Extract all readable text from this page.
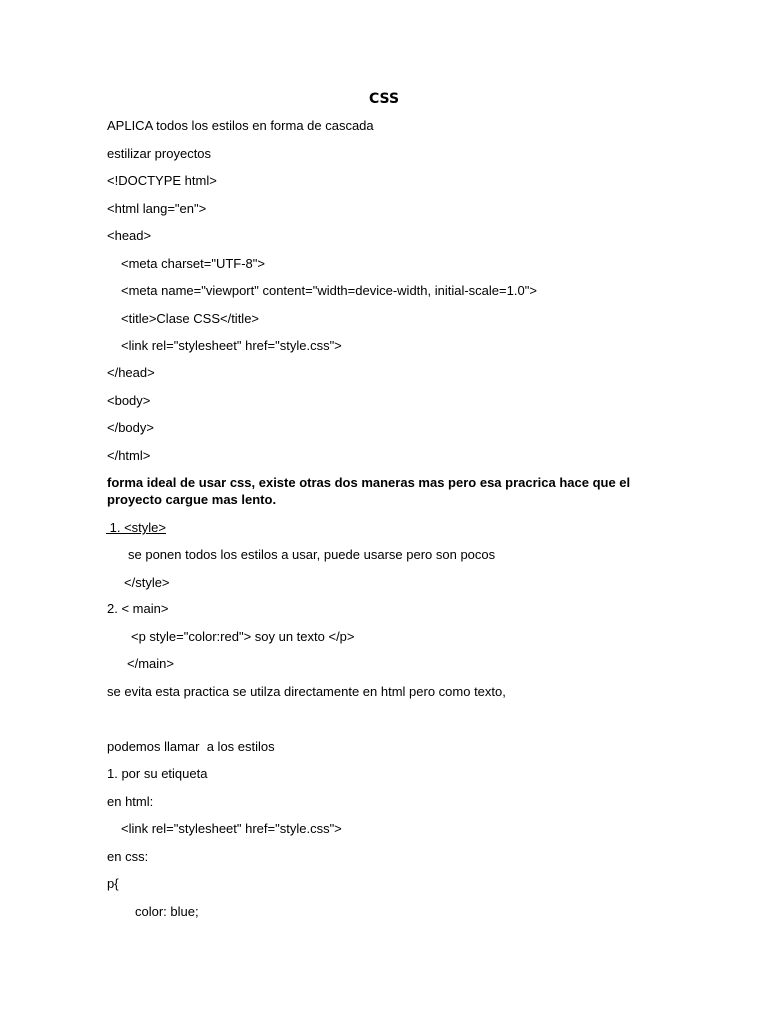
CSS
APLICA todos los estilos en forma de cascada
estilizar proyectos
<!DOCTYPE html>
<html lang="en">
<head>
<meta charset="UTF-8">
<meta name="viewport" content="width=device-width, initial-scale=1.0">
<title>Clase CSS</title>
<link rel="stylesheet" href="style.css">
</head>
<body>
</body>
</html>
forma ideal de usar css, existe otras dos maneras mas pero esa pracrica hace que el proyecto cargue mas lento.
1. <style>
se ponen todos los estilos a usar, puede usarse pero son pocos
</style>
2. < main>
<p style="color:red"> soy un texto </p>
</main>
se evita esta practica se utilza directamente en html pero como texto,
podemos llamar  a los estilos
1. por su etiqueta
en html:
<link rel="stylesheet" href="style.css">
en css:
p{
color: blue;
